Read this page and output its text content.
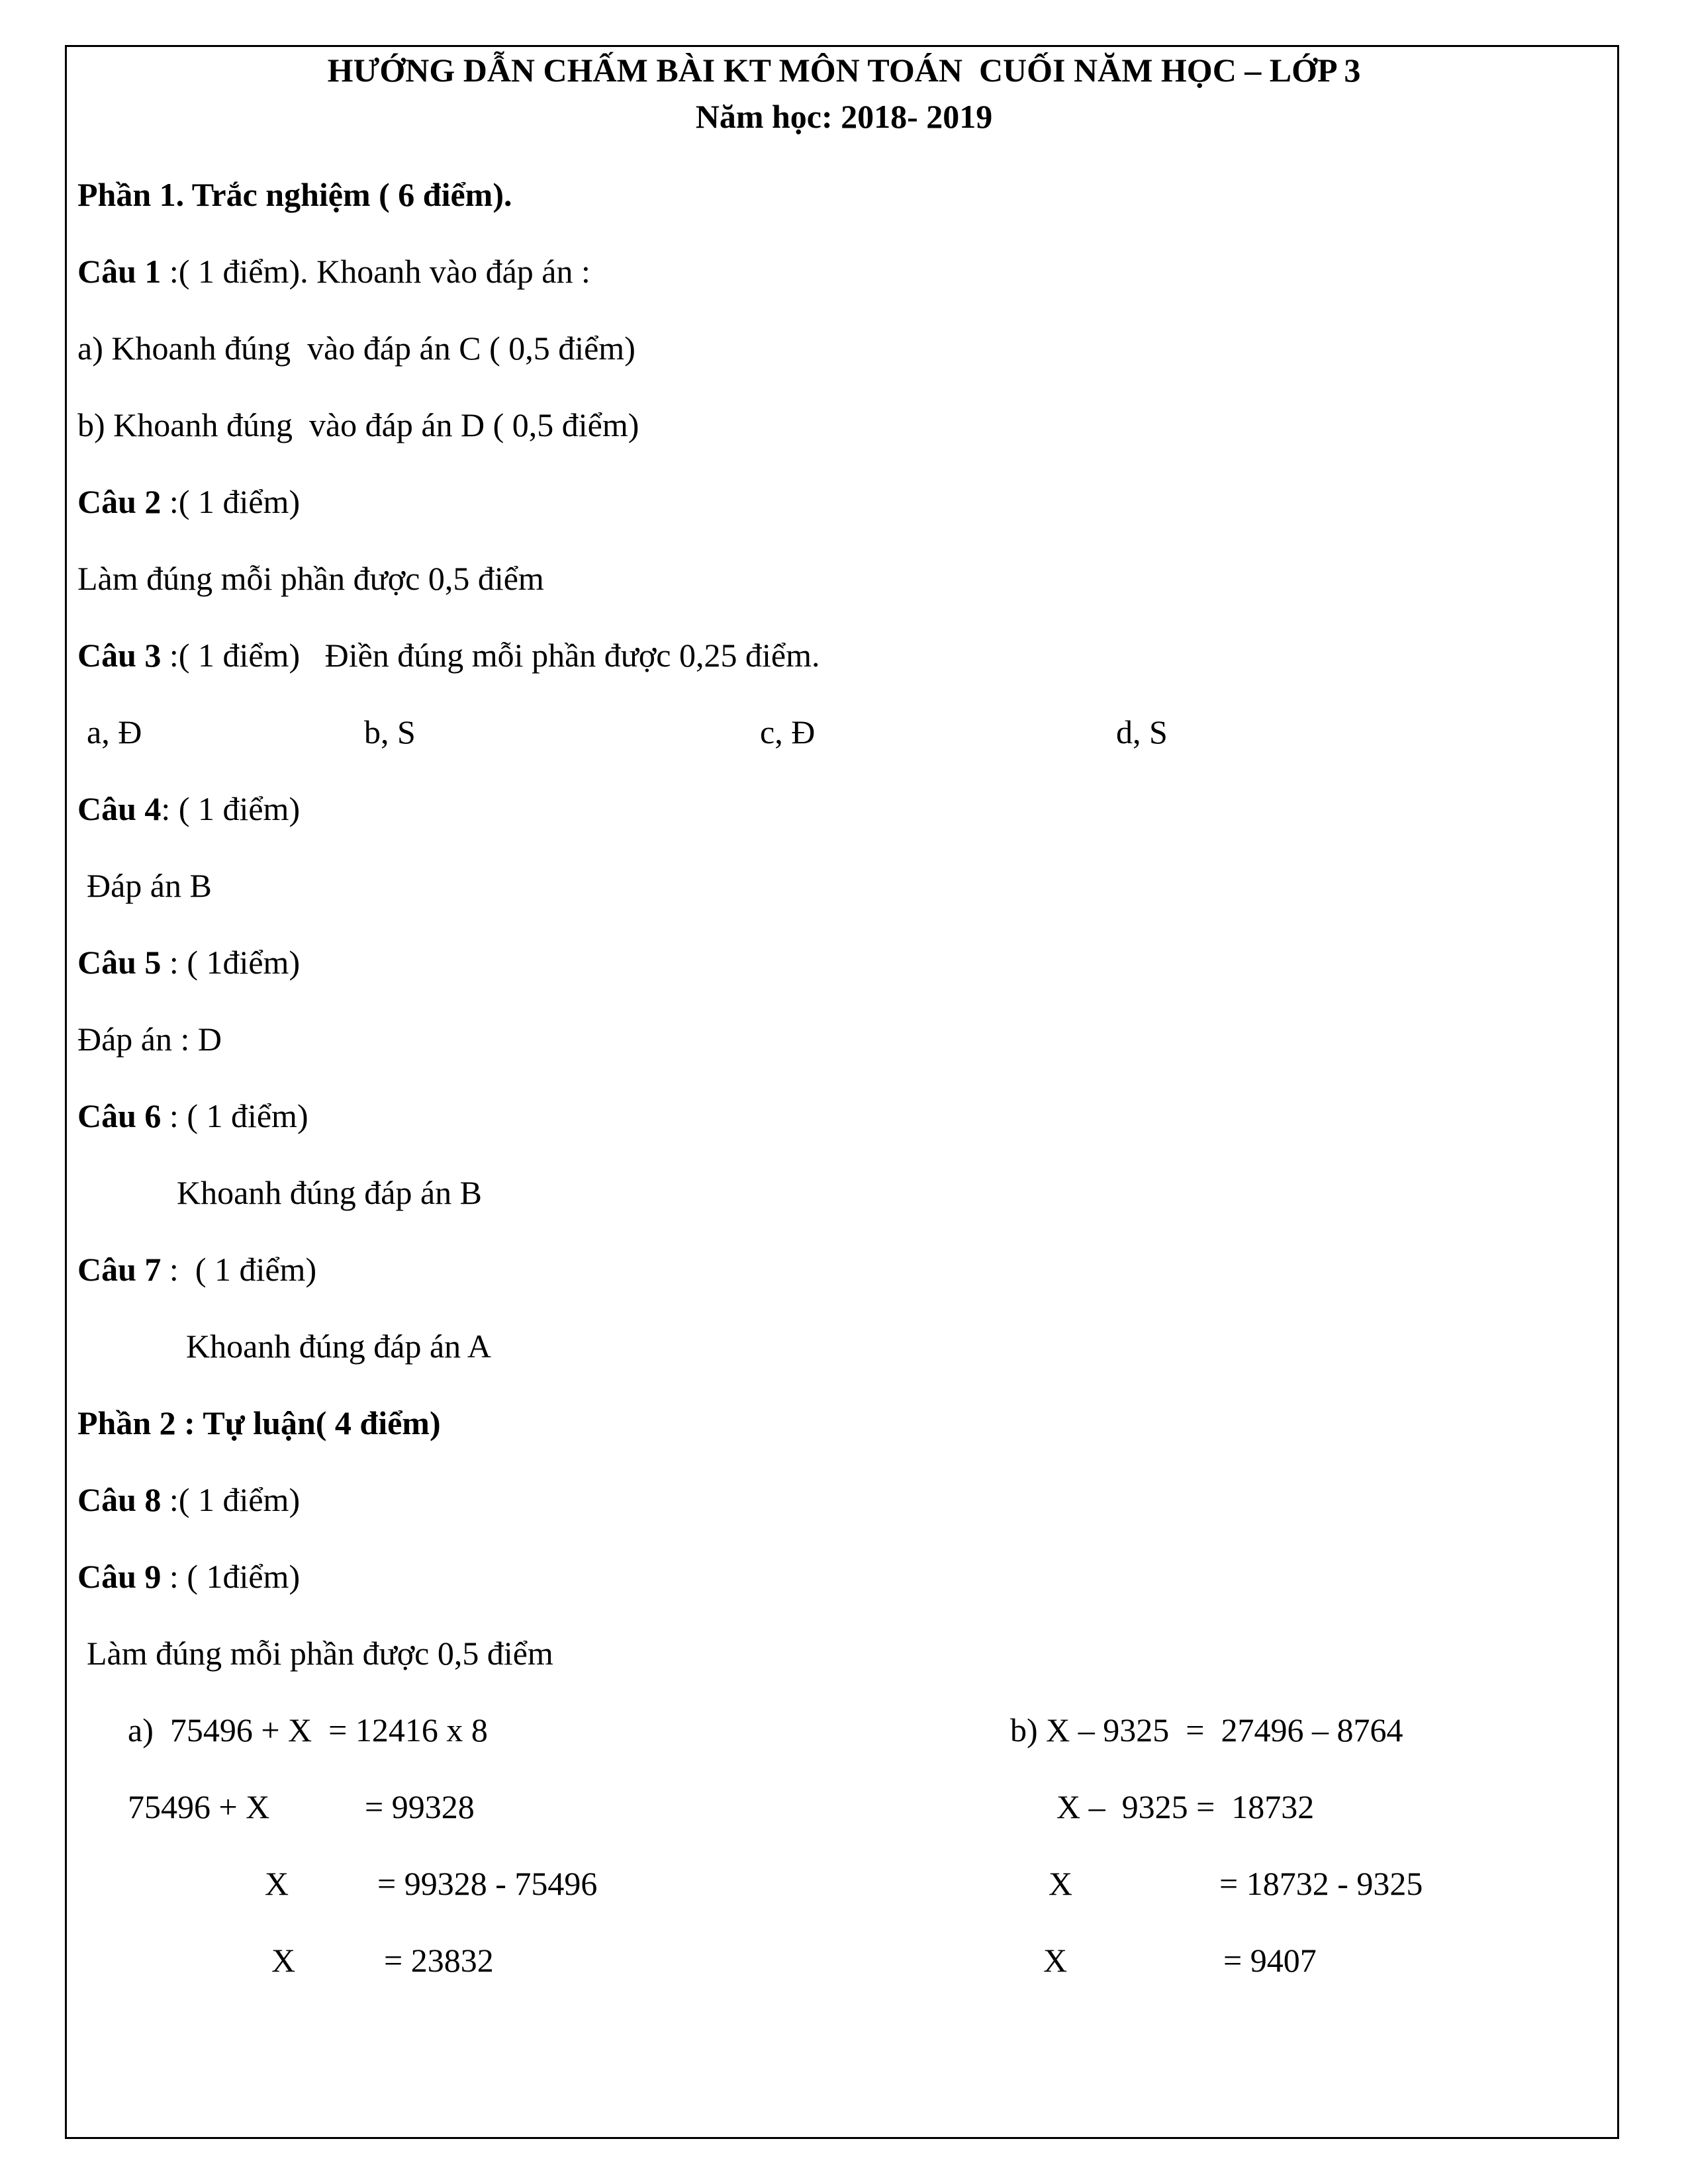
HƯỚNG DẪN CHẤM BÀI KT MÔN TOÁN  CUỐI NĂM HỌC – LỚP 3
Năm học: 2018- 2019
Phần 1. Trắc nghiệm ( 6 điểm).
Câu 1 :( 1 điểm). Khoanh vào đáp án :
a) Khoanh đúng  vào đáp án C ( 0,5 điểm)
b) Khoanh đúng  vào đáp án D ( 0,5 điểm)
Câu 2 :( 1 điểm)
Làm đúng mỗi phần được 0,5 điểm
Câu 3 :( 1 điểm)   Điền đúng mỗi phần được 0,25 điểm.
a, Đ	b, S	c, Đ	d, S
Câu 4: ( 1 điểm)
Đáp án B
Câu 5 : ( 1điểm)
Đáp án : D
Câu 6 : ( 1 điểm)
Khoanh đúng đáp án B
Câu 7 :  ( 1 điểm)
Khoanh đúng đáp án A
Phần 2 : Tự luận( 4 điểm)
Câu 8 :( 1 điểm)
Câu 9 : ( 1điểm)
Làm đúng mỗi phần được 0,5 điểm
a)  75496 + X  = 12416 x 8
75496 + X	= 99328
X	= 99328 - 75496
X	= 23832
b) X – 9325  =  27496 – 8764
X –  9325 =  18732
X	= 18732 - 9325
X	= 9407
